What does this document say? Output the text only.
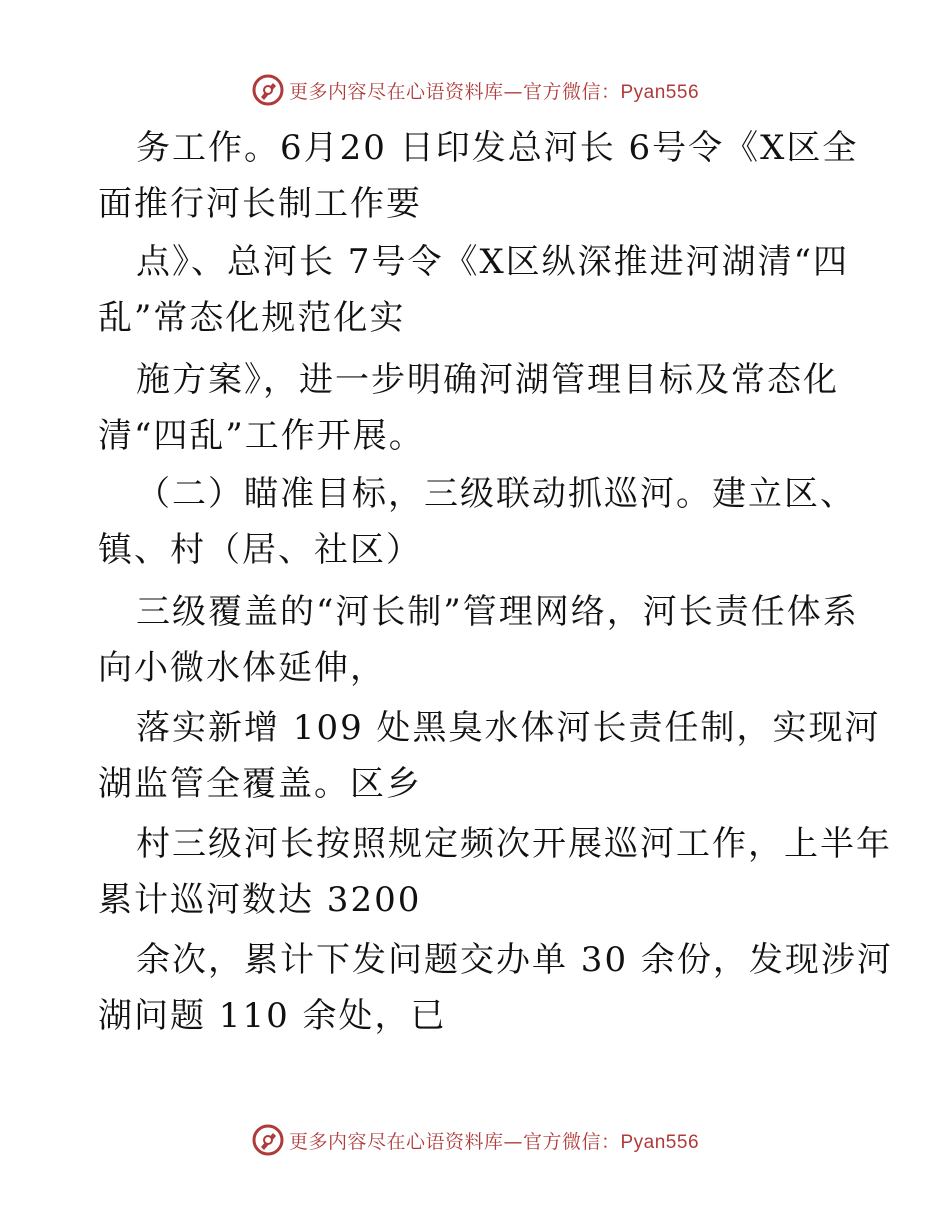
更多内容尽在心语资料库—官方微信：Pyan556
务工作。6月20 日印发总河长 6号令《X区全
面推行河长制工作要
点》、总河长 7号令《X区纵深推进河湖清“四
乱”常态化规范化实
施方案》，进一步明确河湖管理目标及常态化
清“四乱”工作开展。
（二）瞄准目标，三级联动抓巡河。建立区、
镇、村（居、社区）
三级覆盖的“河长制”管理网络，河长责任体系
向小微水体延伸，
落实新增 109 处黑臭水体河长责任制，实现河
湖监管全覆盖。区乡
村三级河长按照规定频次开展巡河工作，上半年
累计巡河数达 3200
余次，累计下发问题交办单 30 余份，发现涉河
湖问题 110 余处，已
更多内容尽在心语资料库—官方微信：Pyan556
